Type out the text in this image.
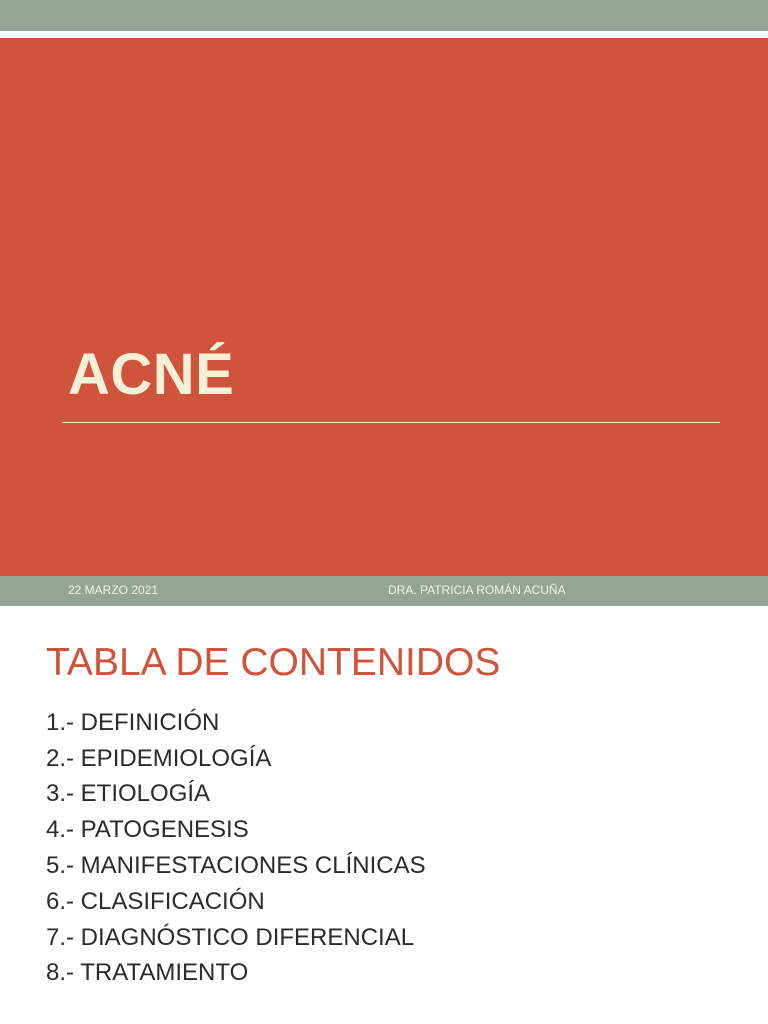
ACNÉ
22 MARZO 2021	DRA. PATRICIA ROMÁN ACUÑA
TABLA DE CONTENIDOS
1.- DEFINICIÓN
2.- EPIDEMIOLOGÍA
3.- ETIOLOGÍA
4.- PATOGENESIS
5.- MANIFESTACIONES CLÍNICAS
6.- CLASIFICACIÓN
7.- DIAGNÓSTICO DIFERENCIAL
8.- TRATAMIENTO
